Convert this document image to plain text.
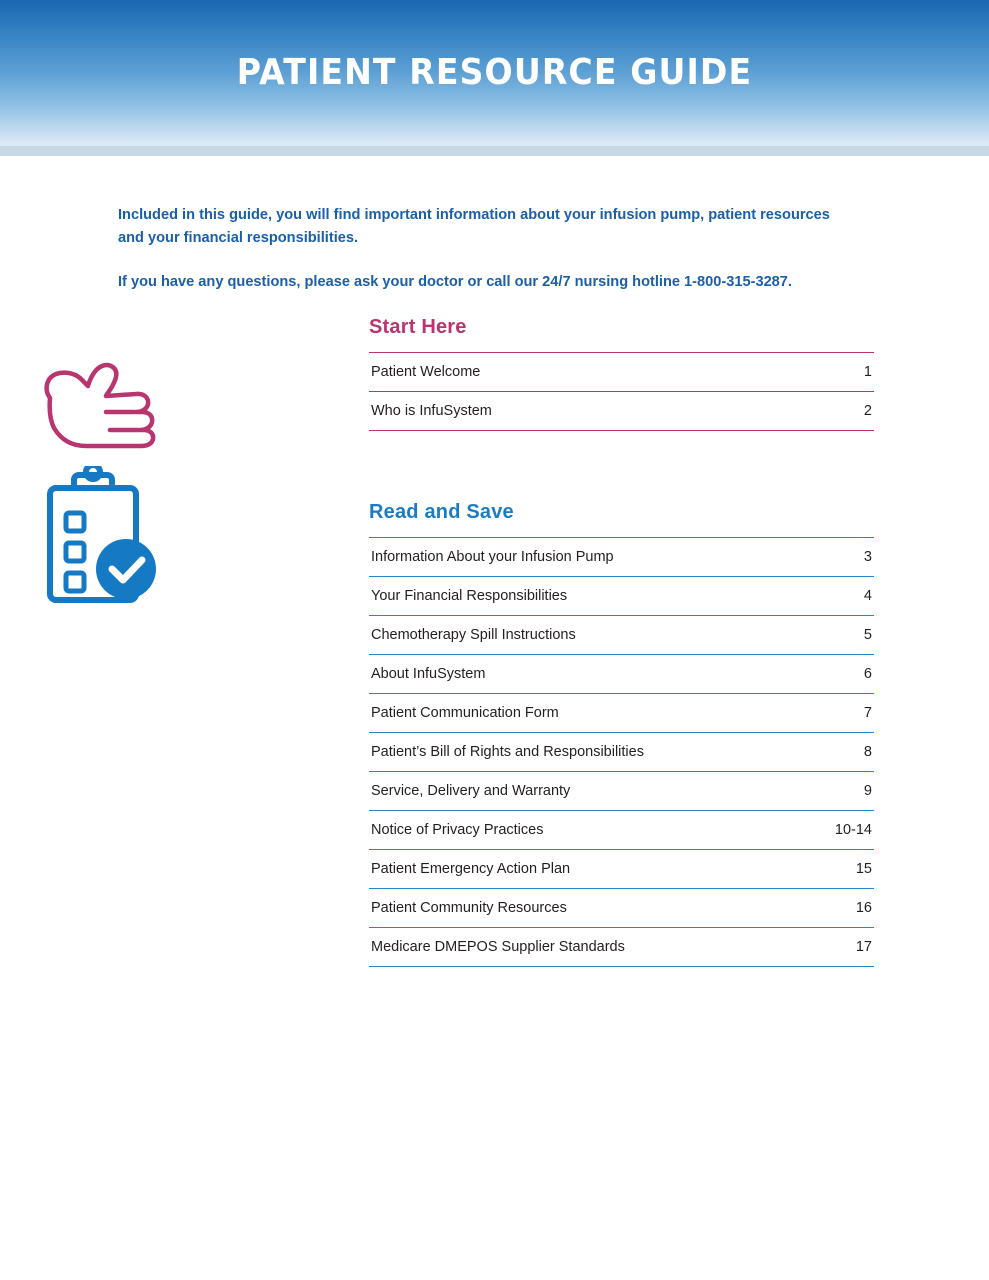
PATIENT RESOURCE GUIDE

Included in this guide, you will find important information about your infusion pump, patient resources and your financial responsibilities.

If you have any questions, please ask your doctor or call our 24/7 nursing hotline 1-800-315-3287.

Start Here
Patient Welcome	1
Who is InfuSystem	2
Read and Save
Information About your Infusion Pump	3
Your Financial Responsibilities	4
Chemotherapy Spill Instructions	5
About InfuSystem	6
Patient Communication Form	7
Patient’s Bill of Rights and Responsibilities	8
Service, Delivery and Warranty	9
Notice of Privacy Practices	10-14
Patient Emergency Action Plan	15
Patient Community Resources	16
Medicare DMEPOS Supplier Standards	17
